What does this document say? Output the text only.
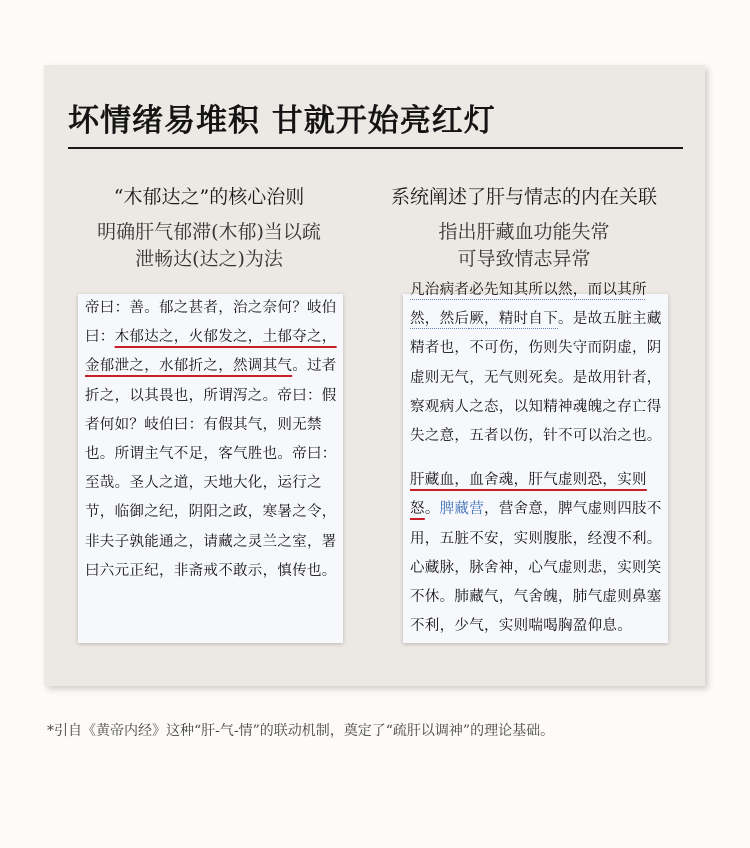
坏情绪易堆积 甘就开始亮红灯
“木郁达之”的核心治则
明确肝气郁滞(木郁)当以疏
泄畅达(达之)为法

帝曰：善。郁之甚者，治之奈何？岐伯曰：木郁达之，火郁发之，土郁夺之，金郁泄之，水郁折之，然调其气。过者折之，以其畏也，所谓泻之。帝曰：假者何如？岐伯曰：有假其气，则无禁也。所谓主气不足，客气胜也。帝曰：至哉。圣人之道，天地大化，运行之节，临御之纪，阴阳之政，寒暑之令，非夫子孰能通之，请藏之灵兰之室，署曰六元正纪，非斋戒不敢示，慎传也。

系统阐述了肝与情志的内在关联
指出肝藏血功能失常
可导致情志异常

凡治病者必先知其所以然，而以其所然，然后厥，精时自下。是故五脏主藏精者也，不可伤，伤则失守而阴虚，阴虚则无气，无气则死矣。是故用针者，察观病人之态，以知精神魂魄之存亡得失之意，五者以伤，针不可以治之也。

肝藏血，血舍魂，肝气虚则恐，实则怒。脾藏营，营舍意，脾气虚则四肢不用，五脏不安，实则腹胀，经溲不利。心藏脉，脉舍神，心气虚则悲，实则笑不休。肺藏气，气舍魄，肺气虚则鼻塞不利，少气，实则喘喝胸盈仰息。

*引自《黄帝内经》这种“肝-气-情”的联动机制，奠定了“疏肝以调神”的理论基础。
